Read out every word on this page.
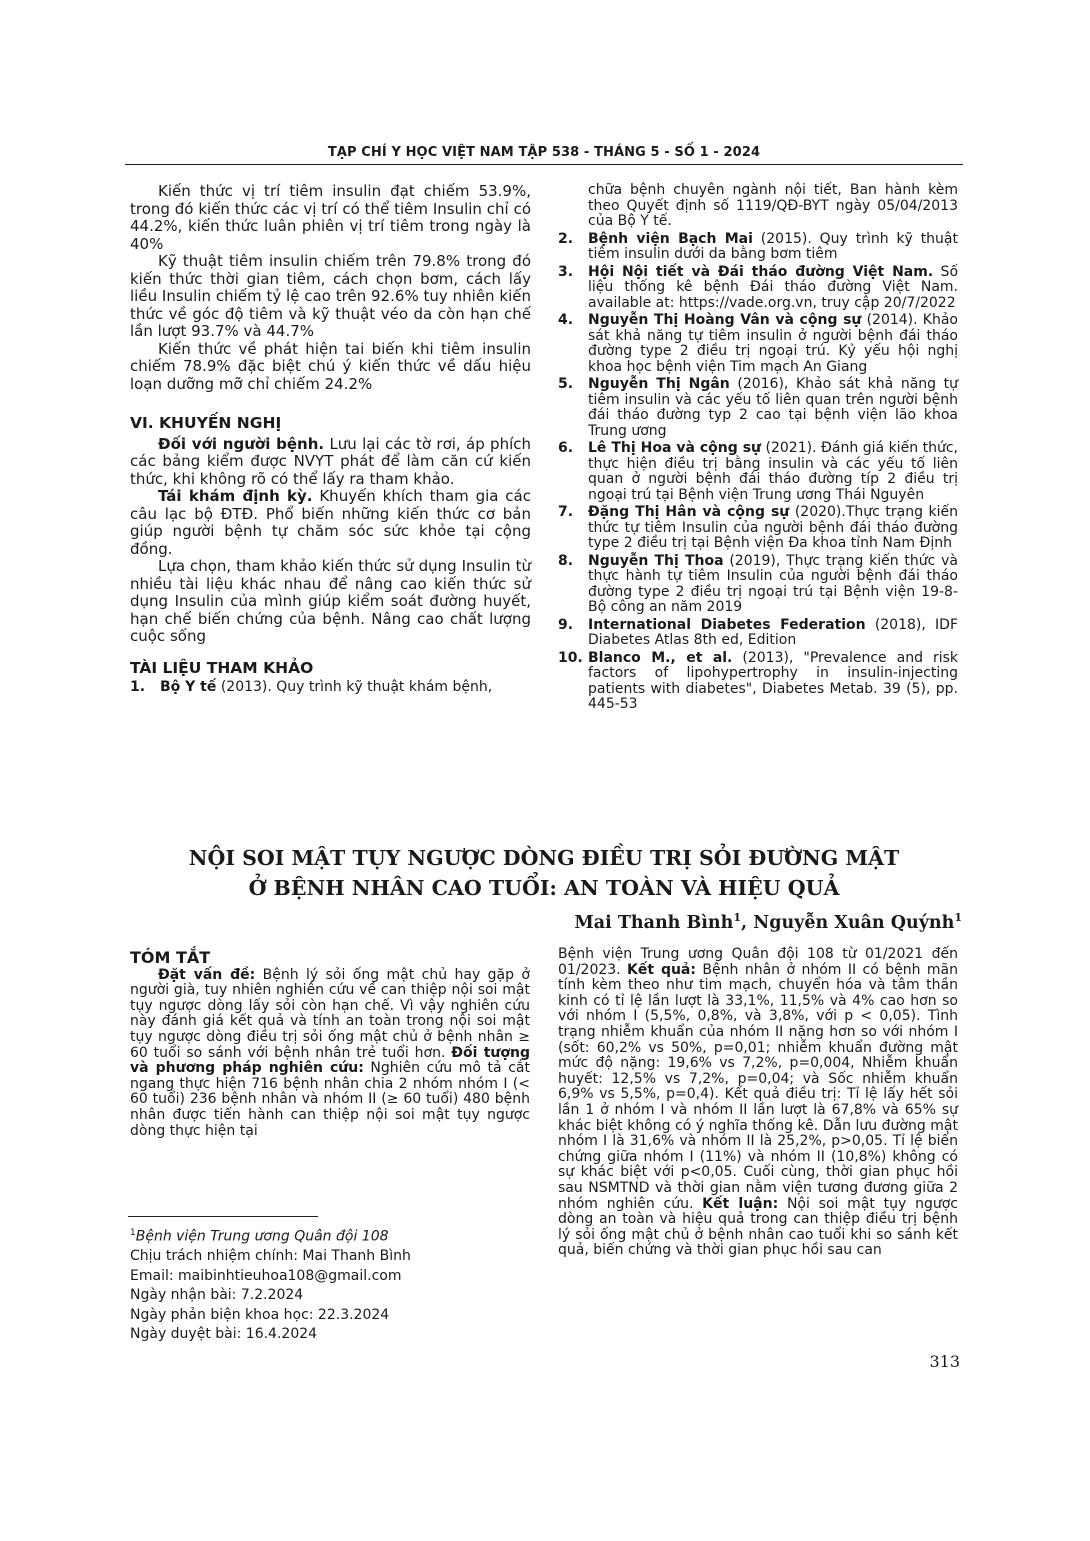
TẠP CHÍ Y HỌC VIỆT NAM TẬP 538 - THÁNG 5 - SỐ 1 - 2024

Kiến thức vị trí tiêm insulin đạt chiếm 53.9%, trong đó kiến thức các vị trí có thể tiêm Insulin chỉ có 44.2%, kiến thức luân phiên vị trí tiêm trong ngày là 40%

Kỹ thuật tiêm insulin chiếm trên 79.8% trong đó kiến thức thời gian tiêm, cách chọn bơm, cách lấy liều Insulin chiếm tỷ lệ cao trên 92.6% tuy nhiên kiến thức về góc độ tiêm và kỹ thuật véo da còn hạn chế lần lượt 93.7% và 44.7%

Kiến thức về phát hiện tai biến khi tiêm insulin chiếm 78.9% đặc biệt chú ý kiến thức về dấu hiệu loạn dưỡng mỡ chỉ chiếm 24.2%

VI. KHUYẾN NGHỊ

Đối với người bệnh. Lưu lại các tờ rơi, áp phích các bảng kiểm được NVYT phát để làm căn cứ kiến thức, khi không rõ có thể lấy ra tham khảo.

Tái khám định kỳ. Khuyến khích tham gia các câu lạc bộ ĐTĐ. Phổ biến những kiến thức cơ bản giúp người bệnh tự chăm sóc sức khỏe tại cộng đồng.

Lựa chọn, tham khảo kiến thức sử dụng Insulin từ nhiều tài liệu khác nhau để nâng cao kiến thức sử dụng Insulin của mình giúp kiểm soát đường huyết, hạn chế biến chứng của bệnh. Nâng cao chất lượng cuộc sống

TÀI LIỆU THAM KHẢO
1.	Bộ Y tế (2013). Quy trình kỹ thuật khám bệnh,
chữa bệnh chuyên ngành nội tiết, Ban hành kèm theo Quyết định số 1119/QĐ-BYT ngày 05/04/2013 của Bộ Y tế.
2.	Bệnh viện Bạch Mai (2015). Quy trình kỹ thuật tiêm insulin dưới da bằng bơm tiêm
3.	Hội Nội tiết và Đái tháo đường Việt Nam. Số liệu thống kê bệnh Đái tháo đường Việt Nam. available at: https://vade.org.vn, truy cập 20/7/2022
4.	Nguyễn Thị Hoàng Vân và cộng sự (2014). Khảo sát khả năng tự tiêm insulin ở người bệnh đái tháo đường type 2 điều trị ngoại trú. Kỷ yếu hội nghị khoa học bệnh viện Tim mạch An Giang
5.	Nguyễn Thị Ngân (2016), Khảo sát khả năng tự tiêm insulin và các yếu tố liên quan trên người bệnh đái tháo đường typ 2 cao tại bệnh viện lão khoa Trung ương
6.	Lê Thị Hoa và cộng sự (2021). Đánh giá kiến thức, thực hiện điều trị bằng insulin và các yếu tố liên quan ở người bệnh đái tháo đường típ 2 điều trị ngoại trú tại Bệnh viện Trung ương Thái Nguyên
7.	Đặng Thị Hân và cộng sự (2020).Thực trạng kiến thức tự tiêm Insulin của người bệnh đái tháo đường type 2 điều trị tại Bệnh viện Đa khoa tỉnh Nam Định
8.	Nguyễn Thị Thoa (2019), Thực trạng kiến thức và thực hành tự tiêm Insulin của người bệnh đái tháo đường type 2 điều trị ngoại trú tại Bệnh viện 19-8- Bộ công an năm 2019
9.	International Diabetes Federation (2018), IDF Diabetes Atlas 8th ed, Edition
10. Blanco M., et al. (2013), "Prevalence and risk factors of lipohypertrophy in insulin-injecting patients with diabetes", Diabetes Metab. 39 (5), pp. 445-53
NỘI SOI MẬT TỤY NGƯỢC DÒNG ĐIỀU TRỊ SỎI ĐƯỜNG MẬT
Ở BỆNH NHÂN CAO TUỔI: AN TOÀN VÀ HIỆU QUẢ
Mai Thanh Bình$^1$, Nguyễn Xuân Quýnh$^1$
TÓM TẮT

Đặt vấn đề: Bệnh lý sỏi ống mật chủ hay gặp ở người già, tuy nhiên nghiên cứu về can thiệp nội soi mật tụy ngược dòng lấy sỏi còn hạn chế. Vì vậy nghiên cứu này đánh giá kết quả và tính an toàn trong nội soi mật tụy ngược dòng điều trị sỏi ống mật chủ ở bệnh nhân ≥ 60 tuổi so sánh với bệnh nhân trẻ tuổi hơn. Đối tượng và phương pháp nghiên cứu: Nghiên cứu mô tả cắt ngang thực hiện 716 bệnh nhân chia 2 nhóm nhóm I (< 60 tuổi) 236 bệnh nhân và nhóm II (≥ 60 tuổi) 480 bệnh nhân được tiến hành can thiệp nội soi mật tụy ngược dòng thực hiện tại

Bệnh viện Trung ương Quân đội 108 từ 01/2021 đến 01/2023. Kết quả: Bệnh nhân ở nhóm II có bệnh mãn tính kèm theo như tim mạch, chuyển hóa và tâm thần kinh có tỉ lệ lần lượt là 33,1%, 11,5% và 4% cao hơn so với nhóm I (5,5%, 0,8%, và 3,8%, với p < 0,05). Tình trạng nhiễm khuẩn của nhóm II nặng hơn so với nhóm I (sốt: 60,2% vs 50%, p=0,01; nhiễm khuẩn đường mật mức độ nặng: 19,6% vs 7,2%, p=0,004, Nhiễm khuẩn huyết: 12,5% vs 7,2%, p=0,04; và Sốc nhiễm khuẩn 6,9% vs 5,5%, p=0,4). Kết quả điều trị: Tỉ lệ lấy hết sỏi lần 1 ở nhóm I và nhóm II lần lượt là 67,8% và 65% sự khác biệt không có ý nghĩa thống kê. Dẫn lưu đường mật nhóm I là 31,6% và nhóm II là 25,2%, p>0,05. Tỉ lệ biến chứng giữa nhóm I (11%) và nhóm II (10,8%) không có sự khác biệt với p<0,05. Cuối cùng, thời gian phục hồi sau NSMTND và thời gian nằm viện tương đương giữa 2 nhóm nghiên cứu. Kết luận: Nội soi mật tụy ngược dòng an toàn và hiệu quả trong can thiệp điều trị bệnh lý sỏi ống mật chủ ở bệnh nhân cao tuổi khi so sánh kết quả, biến chứng và thời gian phục hồi sau can

$^1$Bệnh viện Trung ương Quân đội 108
Chịu trách nhiệm chính: Mai Thanh Bình
Email: maibinhtieuhoa108@gmail.com
Ngày nhận bài: 7.2.2024
Ngày phản biện khoa học: 22.3.2024
Ngày duyệt bài: 16.4.2024
313
